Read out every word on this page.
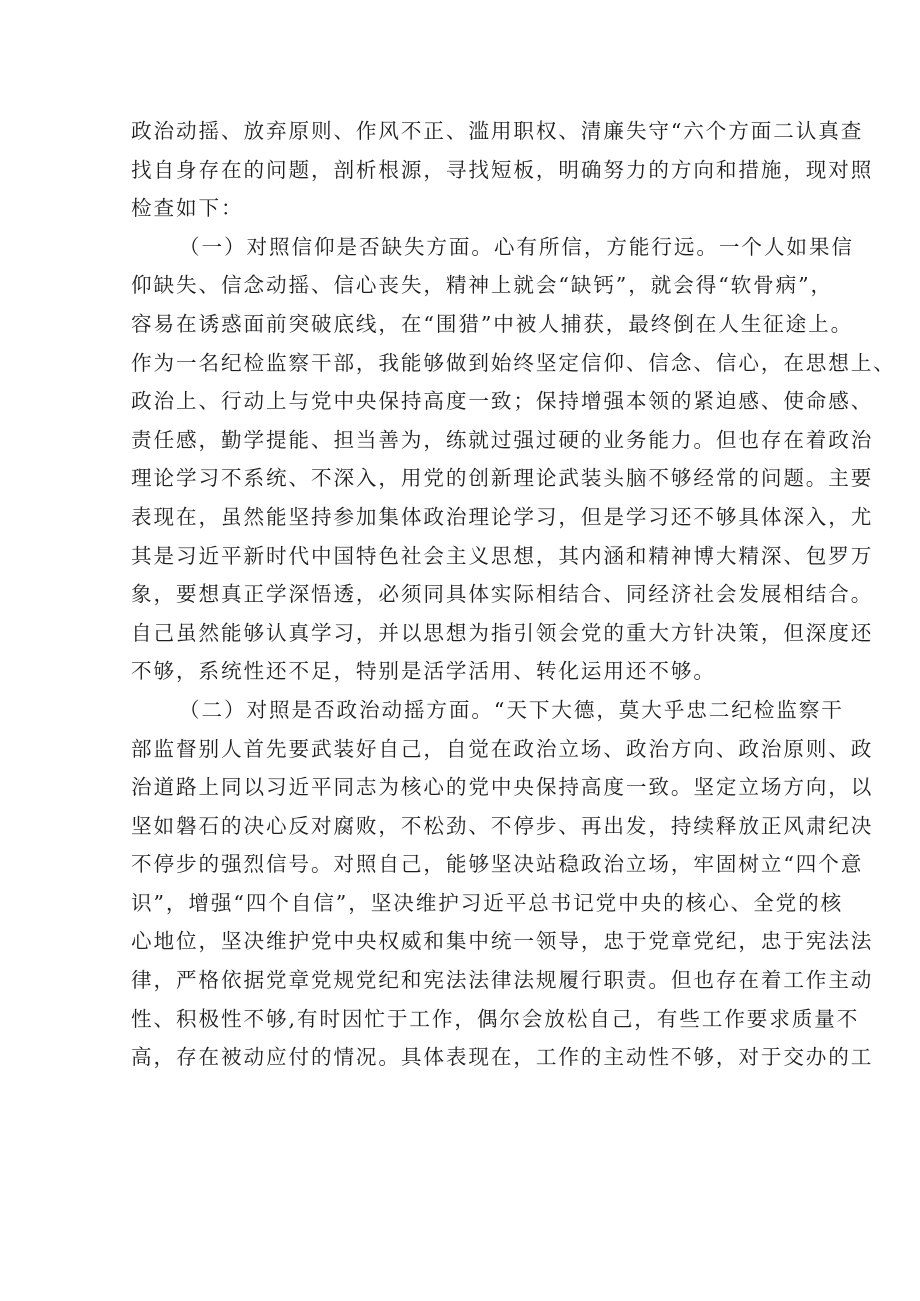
政治动摇、放弃原则、作风不正、滥用职权、清廉失守“六个方面二认真查
找自身存在的问题，剖析根源，寻找短板，明确努力的方向和措施，现对照
检查如下：
（一）对照信仰是否缺失方面。心有所信，方能行远。一个人如果信
仰缺失、信念动摇、信心丧失，精神上就会“缺钙”，就会得“软骨病”，
容易在诱惑面前突破底线，在“围猎”中被人捕获，最终倒在人生征途上。
作为一名纪检监察干部，我能够做到始终坚定信仰、信念、信心，在思想上、
政治上、行动上与党中央保持高度一致；保持增强本领的紧迫感、使命感、
责任感，勤学提能、担当善为，练就过强过硬的业务能力。但也存在着政治
理论学习不系统、不深入，用党的创新理论武装头脑不够经常的问题。主要
表现在，虽然能坚持参加集体政治理论学习，但是学习还不够具体深入，尤
其是习近平新时代中国特色社会主义思想，其内涵和精神博大精深、包罗万
象，要想真正学深悟透，必须同具体实际相结合、同经济社会发展相结合。
自己虽然能够认真学习，并以思想为指引领会党的重大方针决策，但深度还
不够，系统性还不足，特别是活学活用、转化运用还不够。
（二）对照是否政治动摇方面。“天下大德，莫大乎忠二纪检监察干
部监督别人首先要武装好自己，自觉在政治立场、政治方向、政治原则、政
治道路上同以习近平同志为核心的党中央保持高度一致。坚定立场方向，以
坚如磐石的决心反对腐败，不松劲、不停步、再出发，持续释放正风肃纪决
不停步的强烈信号。对照自己，能够坚决站稳政治立场，牢固树立“四个意
识”，增强“四个自信”，坚决维护习近平总书记党中央的核心、全党的核
心地位，坚决维护党中央权威和集中统一领导，忠于党章党纪，忠于宪法法
律，严格依据党章党规党纪和宪法法律法规履行职责。但也存在着工作主动
性、积极性不够,有时因忙于工作，偶尔会放松自己，有些工作要求质量不
高，存在被动应付的情况。具体表现在，工作的主动性不够，对于交办的工
